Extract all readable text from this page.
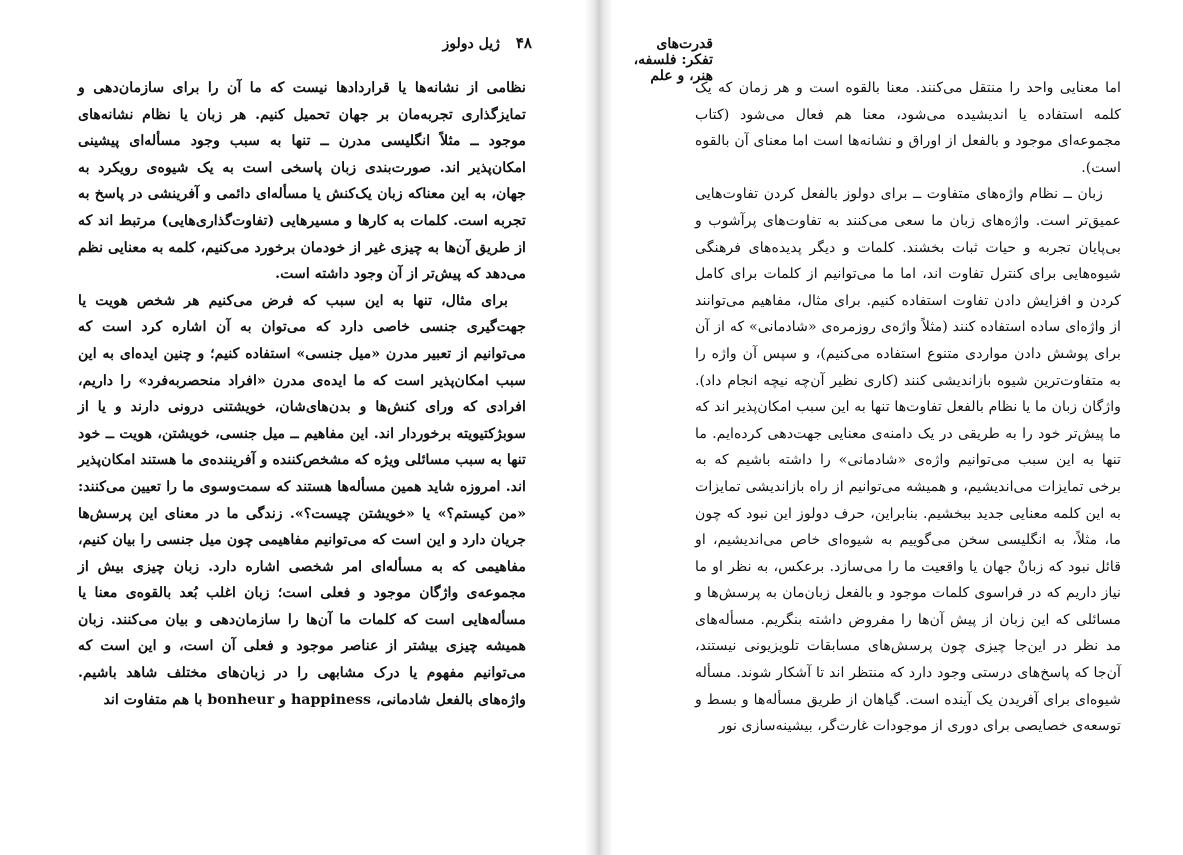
۴۸
ژیل دولوز

نظامی از نشانه‌ها یا قراردادها نیست که ما آن را برای سازمان‌دهی و تمایزگذاری تجربه‌مان بر جهان تحمیل کنیم. هر زبان یا نظام نشانه‌های موجود ــ مثلاً انگلیسی مدرن ــ تنها به سبب وجود مسأله‌ای پیشینی امکان‌پذیر اند. صورت‌بندی زبان پاسخی است به یک شیوه‌ی رویکرد به جهان، به این معناکه زبان یک‌کنش یا مسأله‌ای دائمی و آفرینشی در پاسخ به تجربه است. کلمات به کارها و مسیرهایی (تفاوت‌گذاری‌هایی) مرتبط اند که از طریق آن‌ها به چیزی غیر از خودمان برخورد می‌کنیم، کلمه به معنایی نظم می‌دهد که پیش‌تر از آن وجود داشته است.

برای مثال، تنها به این سبب که فرض می‌کنیم هر شخص هویت یا جهت‌گیری جنسی خاصی دارد که می‌توان به آن اشاره کرد است که می‌توانیم از تعبیر مدرن «میل جنسی» استفاده کنیم؛ و چنین ایده‌ای به این سبب امکان‌پذیر است که ما ایده‌ی مدرن «افراد منحصربه‌فرد» را داریم، افرادی که ورای کنش‌ها و بدن‌های‌شان، خویشتنی درونی دارند و یا از سوبژکتیویته برخوردار اند. این مفاهیم ــ میل جنسی، خویشتن، هویت ــ خود تنها به سبب مسائلی ویژه که مشخص‌کننده و آفریننده‌ی ما هستند امکان‌پذیر اند. امروزه شاید همین مسأله‌ها هستند که سمت‌وسوی ما را تعیین می‌کنند: «من کیستم؟» یا «خویشتن چیست؟». زندگی ما در معنای این پرسش‌ها جریان دارد و این است که می‌توانیم مفاهیمی چون میل جنسی را بیان کنیم، مفاهیمی که به مسأله‌ای امر شخصی اشاره دارد. زبان چیزی بیش از مجموعه‌ی واژگان موجود و فعلی است؛ زبان اغلب بُعد بالقوه‌ی معنا یا مسأله‌هایی است که کلمات ما آن‌ها را سازمان‌دهی و بیان می‌کنند. زبان همیشه چیزی بیشتر از عناصر موجود و فعلی آن است، و این است که می‌توانیم مفهوم یا درک مشابهی را در زبان‌های مختلف شاهد باشیم. واژه‌های بالفعل شادمانی، happiness و bonheur با هم متفاوت اند

قدرت‌های تفکر: فلسفه، هنر، و علم

اما معنایی واحد را منتقل می‌کنند. معنا بالقوه است و هر زمان که یک کلمه استفاده یا اندیشیده می‌شود، معنا هم فعال می‌شود (کتاب مجموعه‌ای موجود و بالفعل از اوراق و نشانه‌ها است اما معنای آن بالقوه است).

زبان ــ نظام واژه‌های متفاوت ــ برای دولوز بالفعل کردن تفاوت‌هایی عمیق‌تر است. واژه‌های زبان ما سعی می‌کنند به تفاوت‌های پرآشوب و بی‌پایان تجربه و حیات ثبات بخشند. کلمات و دیگر پدیده‌های فرهنگی شیوه‌هایی برای کنترل تفاوت اند، اما ما می‌توانیم از کلمات برای کامل کردن و افزایش دادن تفاوت استفاده کنیم. برای مثال، مفاهیم می‌توانند از واژه‌ای ساده استفاده کنند (مثلاً واژه‌ی روزمره‌ی «شادمانی» که از آن برای پوشش دادن مواردی متنوع استفاده می‌کنیم)، و سپس آن واژه را به متفاوت‌ترین شیوه بازاندیشی کنند (کاری نظیر آن‌چه نیچه انجام داد). واژگان زبان ما یا نظام بالفعل تفاوت‌ها تنها به این سبب امکان‌پذیر اند که ما پیش‌تر خود را به طریقی در یک دامنه‌ی معنایی جهت‌دهی کرده‌ایم. ما تنها به این سبب می‌توانیم واژه‌ی «شادمانی» را داشته باشیم که به برخی تمایزات می‌اندیشیم، و همیشه می‌توانیم از راه بازاندیشی تمایزات به این کلمه معنایی جدید ببخشیم. بنابراین، حرف دولوز این نبود که چون ما، مثلاً، به انگلیسی سخن می‌گوییم به شیوه‌ای خاص می‌اندیشیم، او قائل نبود که زبانْ جهان یا واقعیت ما را می‌سازد. برعکس، به نظر او ما نیاز داریم که در فراسوی کلمات موجود و بالفعل زبان‌مان به پرسش‌ها و مسائلی که این زبان از پیش آن‌ها را مفروض داشته بنگریم. مسأله‌های مد نظر در این‌جا چیزی چون پرسش‌های مسابقات تلویزیونی نیستند، آن‌جا که پاسخ‌های درستی وجود دارد که منتظر اند تا آشکار شوند. مسأله شیوه‌ای برای آفریدن یک آینده است. گیاهان از طریق مسأله‌ها و بسط و توسعه‌ی خصایصی برای دوری از موجودات غارت‌گر، بیشینه‌سازی نور
